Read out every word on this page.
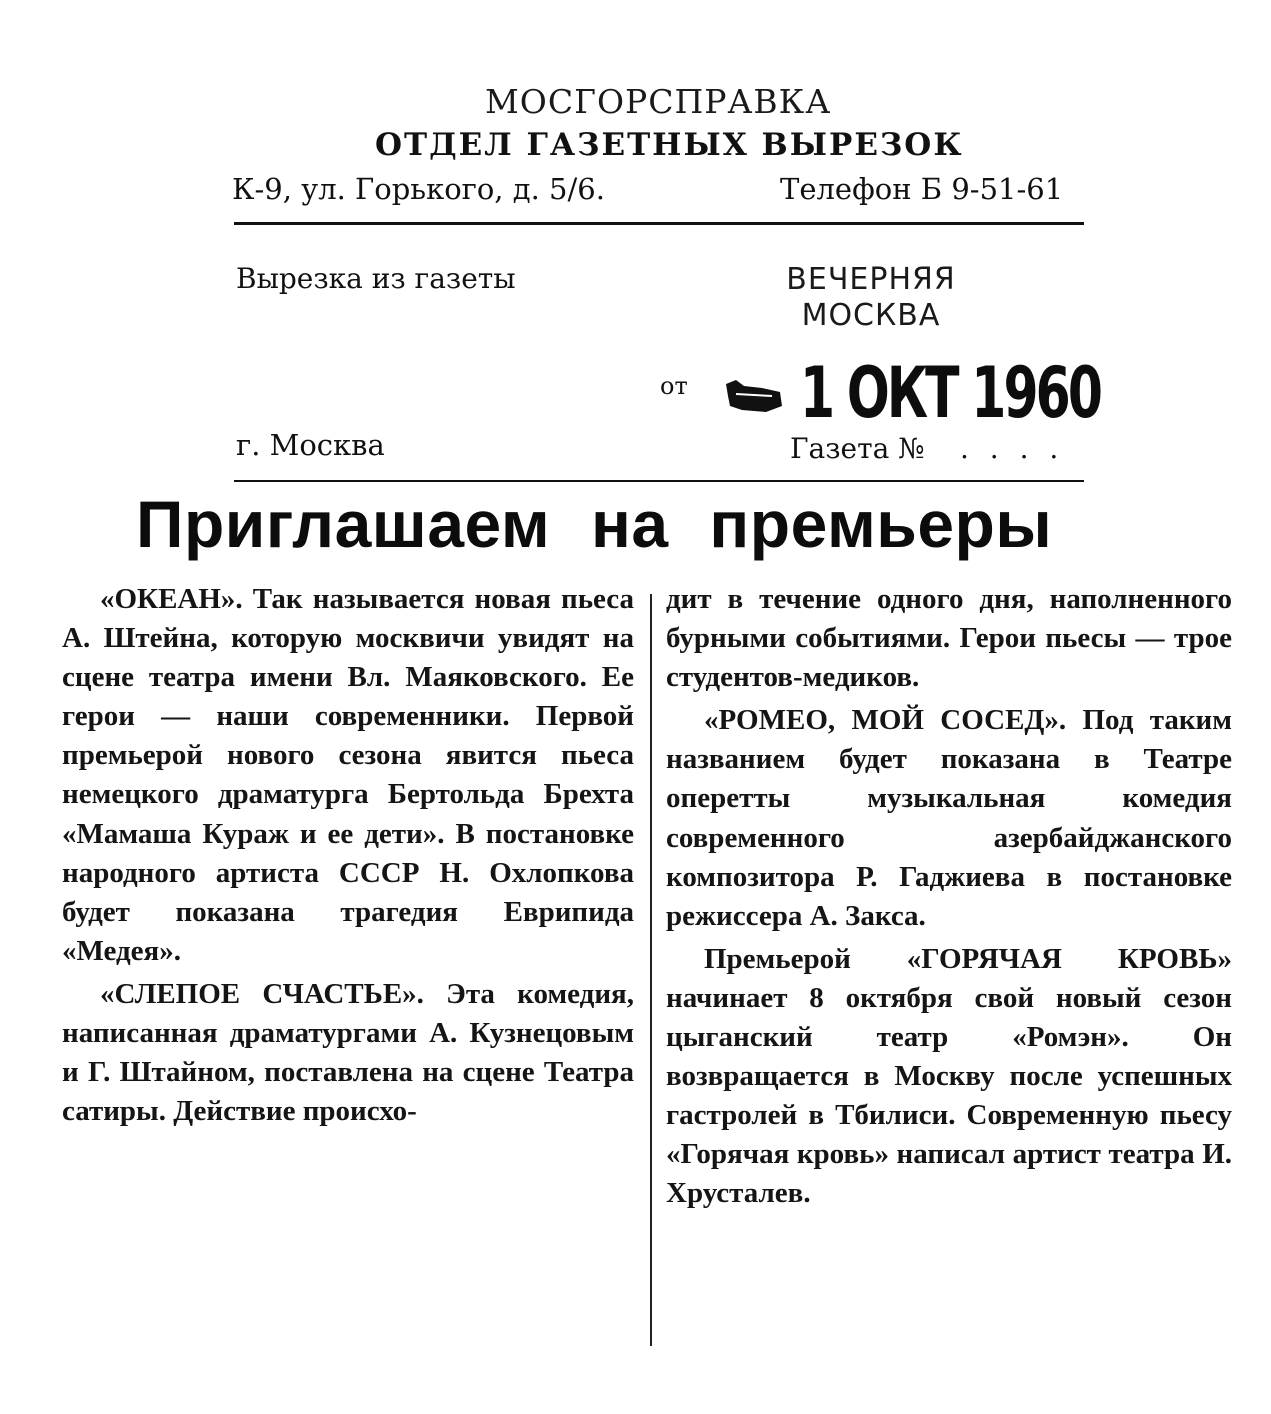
МОСГОРСПРАВКА
ОТДЕЛ ГАЗЕТНЫХ ВЫРЕЗОК
К-9, ул. Горького, д. 5/6.	Телефон Б 9-51-61
Вырезка из газеты	ВЕЧЕРНЯЯ МОСКВА
от 1 ОКТ 1960
г. Москва	Газета № . . . .
Приглашаем на премьеры

«ОКЕАН». Так называется новая пьеса А. Штейна, которую москвичи увидят на сцене театра имени Вл. Маяковского. Ее герои — наши современники. Первой премьерой нового сезона явится пьеса немецкого драматурга Бертольда Брехта «Мамаша Кураж и ее дети». В постановке народного артиста СССР Н. Охлопкова будет показана трагедия Еврипида «Медея».

«СЛЕПОЕ СЧАСТЬЕ». Эта комедия, написанная драматургами А. Кузнецовым и Г. Штайном, поставлена на сцене Театра сатиры. Действие происхо-

дит в течение одного дня, наполненного бурными событиями. Герои пьесы — трое студентов-медиков.

«РОМЕО, МОЙ СОСЕД». Под таким названием будет показана в Театре оперетты музыкальная комедия современного азербайджанского композитора Р. Гаджиева в постановке режиссера А. Закса.

Премьерой «ГОРЯЧАЯ КРОВЬ» начинает 8 октября свой новый сезон цыганский театр «Ромэн». Он возвращается в Москву после успешных гастролей в Тбилиси. Современную пьесу «Горячая кровь» написал артист театра И. Хрусталев.
